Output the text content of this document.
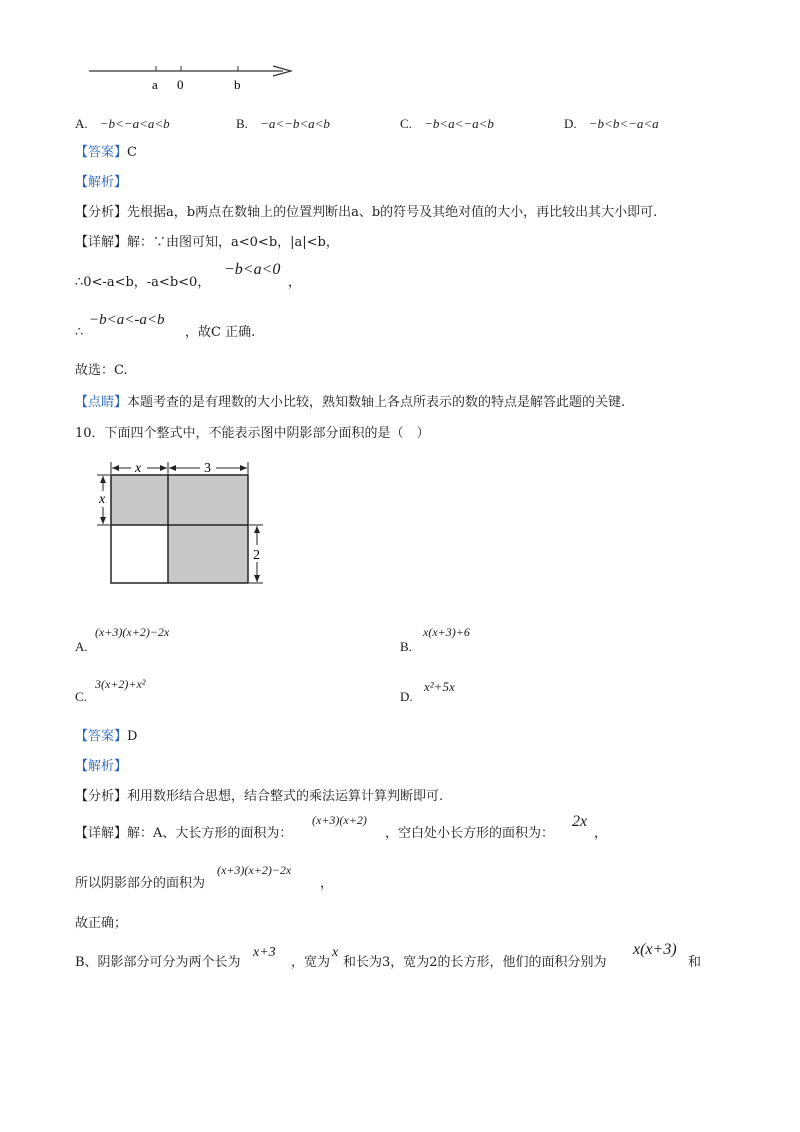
a 0	b
A. −b<−a<a<b	B. −a<−b<a<b	C. −b<a<−a<b	D. −b<b<−a<a
【答案】C
【解析】
【分析】先根据a，b两点在数轴上的位置判断出a、b的符号及其绝对值的大小，再比较出其大小即可.
【详解】解：∵由图可知，a<0<b，|a|<b，
∴0<-a<b，-a<b<0，
−b<a<0
，
∴
−b<a<-a<b
，故C 正确.
故选：C.
【点睛】本题考查的是有理数的大小比较，熟知数轴上各点所表示的数的特点是解答此题的关键.
10．下面四个整式中，不能表示图中阴影部分面积的是（　）
x	3
x
2
A.
(x+3)(x+2)−2x
B.
x(x+3)+6
C.
3(x+2)+x²
D.
x²+5x
【答案】D
【解析】
【分析】利用数形结合思想，结合整式的乘法运算计算判断即可.
【详解】解：A、大长方形的面积为：
(x+3)(x+2)
，空白处小长方形的面积为：
2x
，
所以阴影部分的面积为
(x+3)(x+2)−2x
，
故正确；
B、阴影部分可分为两个长为
x+3
，宽为
x
和长为3，宽为2的长方形，他们的面积分别为
x(x+3)
和
